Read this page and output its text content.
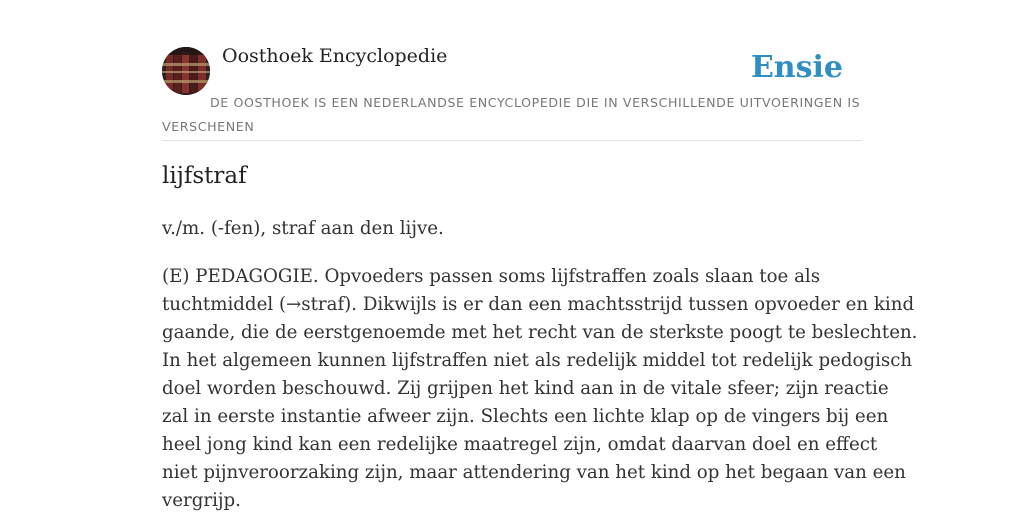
Oosthoek Encyclopedie	Ensie
DE OOSTHOEK IS EEN NEDERLANDSE ENCYCLOPEDIE DIE IN VERSCHILLENDE UITVOERINGEN IS VERSCHENEN
lijfstraf
v./m. (-fen), straf aan den lijve.
(E) PEDAGOGIE. Opvoeders passen soms lijfstraffen zoals slaan toe als
tuchtmiddel (→straf). Dikwijls is er dan een machtsstrijd tussen opvoeder en kind
gaande, die de eerstgenoemde met het recht van de sterkste poogt te beslechten.
In het algemeen kunnen lijfstraffen niet als redelijk middel tot redelijk pedogisch
doel worden beschouwd. Zij grijpen het kind aan in de vitale sfeer; zijn reactie
zal in eerste instantie afweer zijn. Slechts een lichte klap op de vingers bij een
heel jong kind kan een redelijke maatregel zijn, omdat daarvan doel en effect
niet pijnveroorzaking zijn, maar attendering van het kind op het begaan van een
vergrijp.
